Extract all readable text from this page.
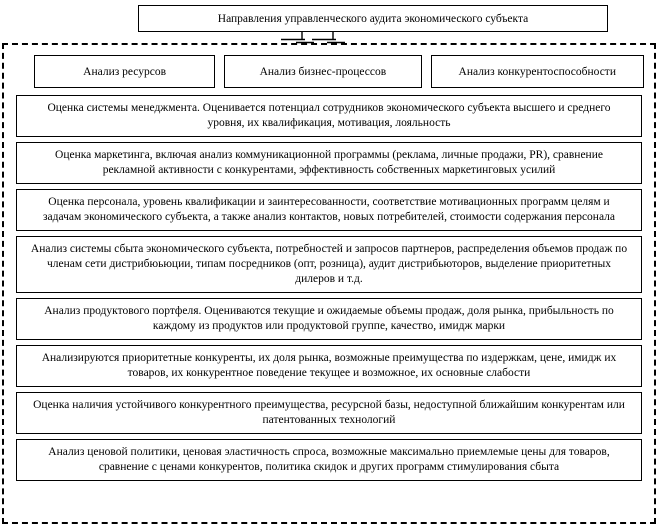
Направления управленческого аудита экономического субъекта
Анализ ресурсов	Анализ бизнес-процессов	Анализ конкурентоспособности
Оценка системы менеджмента. Оценивается потенциал сотрудников экономического субъекта высшего и среднего уровня, их квалификация, мотивация, лояльность
Оценка маркетинга, включая анализ коммуникационной программы (реклама, личные продажи, PR), сравнение рекламной активности с конкурентами, эффективность собственных маркетинговых усилий
Оценка персонала, уровень квалификации и заинтересованности, соответствие мотивационных программ целям и задачам экономического субъекта, а также анализ контактов, новых потребителей, стоимости содержания персонала
Анализ системы сбыта экономического субъекта, потребностей и запросов партнеров, распределения объемов продаж по членам сети дистрибюьюции, типам посредников (опт, розница), аудит дистрибьюторов, выделение приоритетных дилеров и т.д.
Анализ продуктового портфеля. Оцениваются текущие и ожидаемые объемы продаж, доля рынка, прибыльность по каждому из продуктов или продуктовой группе, качество, имидж марки
Анализируются приоритетные конкуренты, их доля рынка, возможные преимущества по издержкам, цене, имидж их товаров, их конкурентное поведение текущее и возможное, их основные слабости
Оценка наличия устойчивого конкурентного преимущества, ресурсной базы, недоступной ближайшим конкурентам или патентованных технологий
Анализ ценовой политики, ценовая эластичность спроса, возможные максимально приемлемые цены для товаров, сравнение с ценами конкурентов, политика скидок и других программ стимулирования сбыта
